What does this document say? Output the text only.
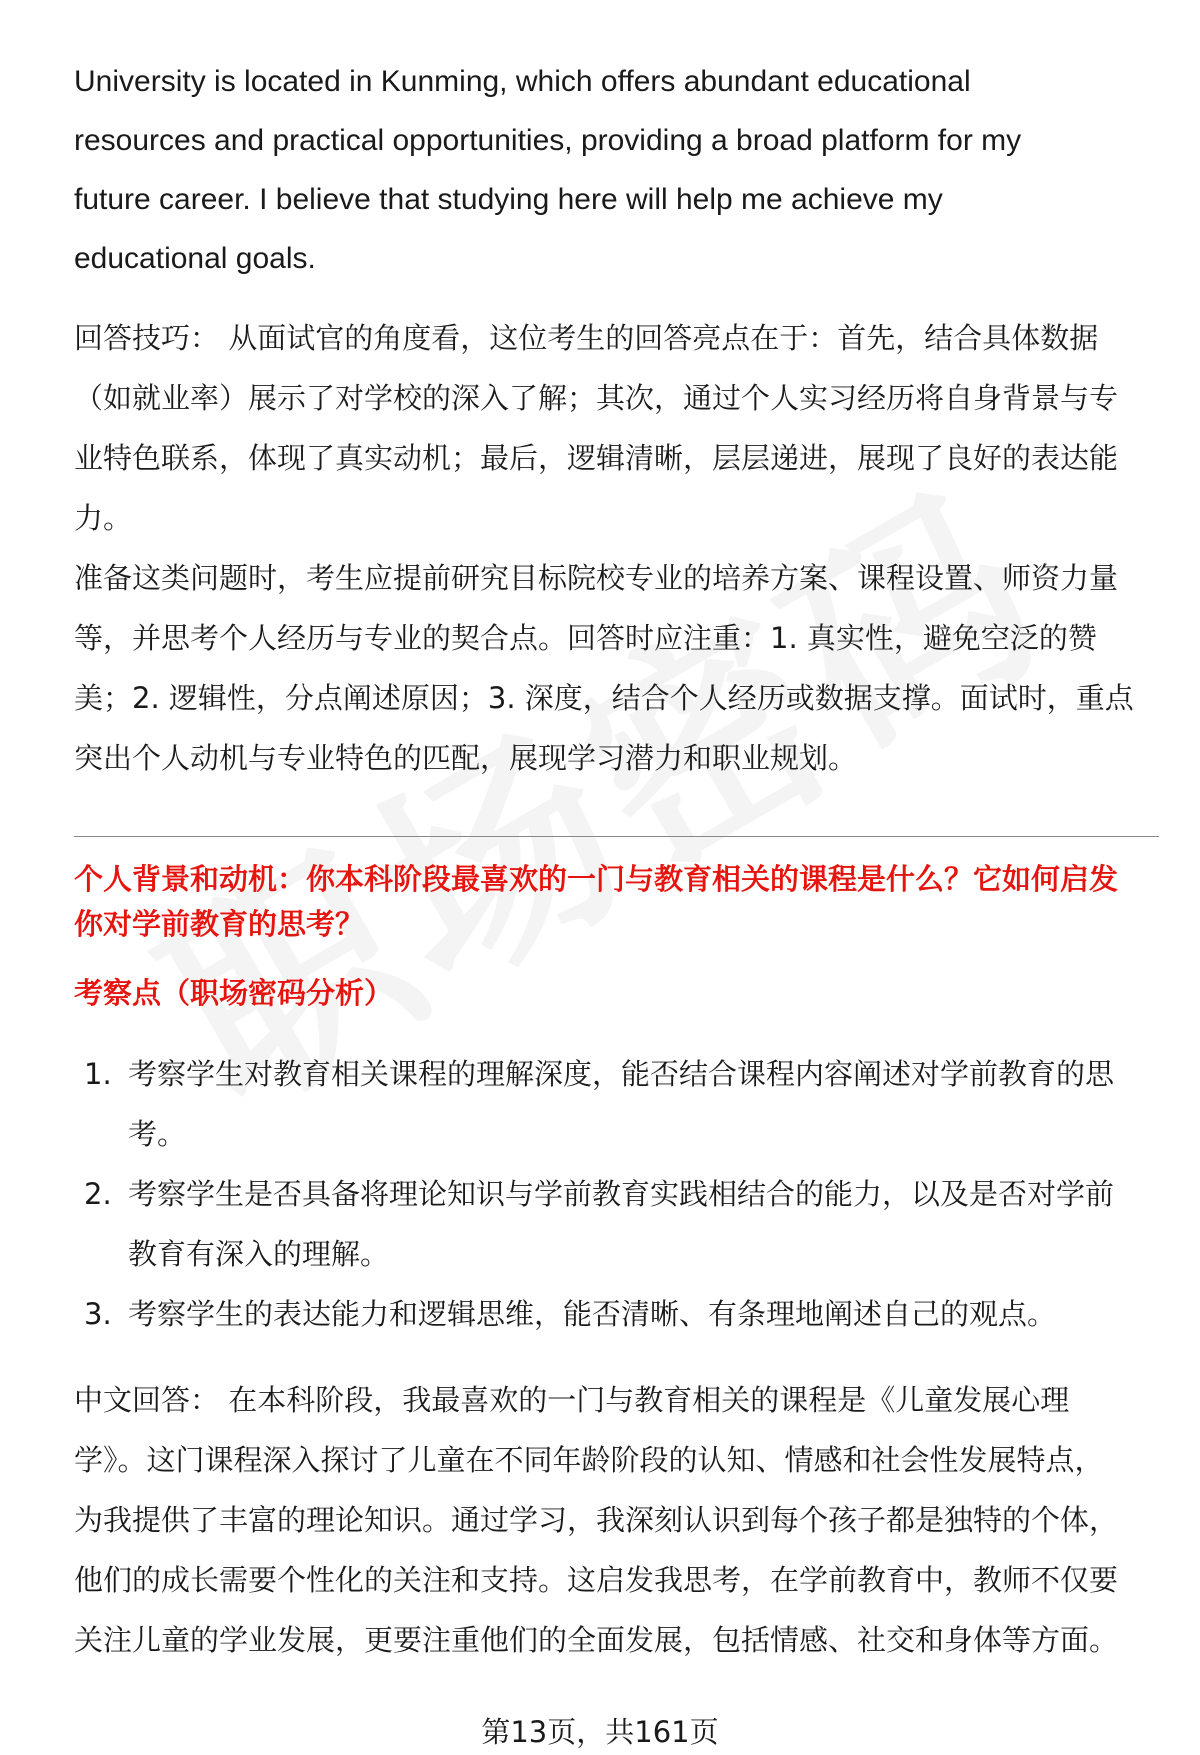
University is located in Kunming, which offers abundant educational
resources and practical opportunities, providing a broad platform for my
future career. I believe that studying here will help me achieve my
educational goals.
回答技巧： 从面试官的角度看，这位考生的回答亮点在于：首先，结合具体数据
（如就业率）展示了对学校的深入了解；其次，通过个人实习经历将自身背景与专
业特色联系，体现了真实动机；最后，逻辑清晰，层层递进，展现了良好的表达能
力。
准备这类问题时，考生应提前研究目标院校专业的培养方案、课程设置、师资力量
等，并思考个人经历与专业的契合点。回答时应注重：1. 真实性，避免空泛的赞
美；2. 逻辑性，分点阐述原因；3. 深度，结合个人经历或数据支撑。面试时，重点
突出个人动机与专业特色的匹配，展现学习潜力和职业规划。
个人背景和动机：你本科阶段最喜欢的一门与教育相关的课程是什么？它如何启发
你对学前教育的思考？
考察点（职场密码分析）
1. 考察学生对教育相关课程的理解深度，能否结合课程内容阐述对学前教育的思
考。
2. 考察学生是否具备将理论知识与学前教育实践相结合的能力，以及是否对学前
教育有深入的理解。
3. 考察学生的表达能力和逻辑思维，能否清晰、有条理地阐述自己的观点。
中文回答： 在本科阶段，我最喜欢的一门与教育相关的课程是《儿童发展心理
学》。这门课程深入探讨了儿童在不同年龄阶段的认知、情感和社会性发展特点，
为我提供了丰富的理论知识。通过学习，我深刻认识到每个孩子都是独特的个体，
他们的成长需要个性化的关注和支持。这启发我思考，在学前教育中，教师不仅要
关注儿童的学业发展，更要注重他们的全面发展，包括情感、社交和身体等方面。
第13页，共161页
